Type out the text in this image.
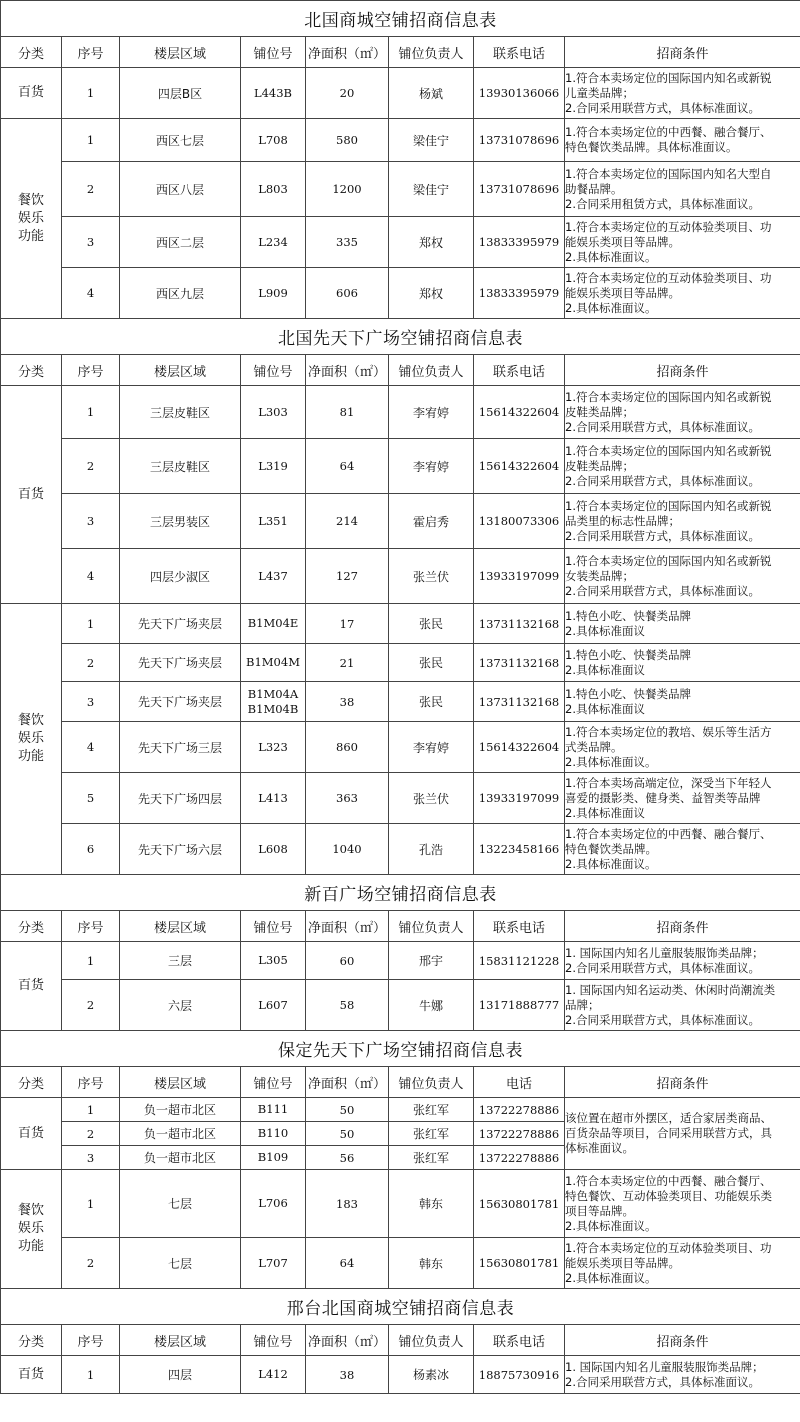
北国商城空铺招商信息表							
分类	序号	楼层区域	铺位号	净面积（㎡）	铺位负责人	联系电话	招商条件

百货	1	四层B区	L443B	20	杨斌	13930136066	1.符合本卖场定位的国际国内知名或新锐
儿童类品牌；
2.合同采用联营方式，具体标准面议。

餐饮
娱乐
功能	1	西区七层	L708	580	梁佳宁	13731078696	1.符合本卖场定位的中西餐、融合餐厅、
特色餐饮类品牌。具体标准面议。

	2	西区八层	L803	1200	梁佳宁	13731078696	1.符合本卖场定位的国际国内知名大型自
助餐品牌。
2.合同采用租赁方式，具体标准面议。

	3	西区二层	L234	335	郑权	13833395979	1.符合本卖场定位的互动体验类项目、功
能娱乐类项目等品牌。
2.具体标准面议。

	4	西区九层	L909	606	郑权	13833395979	1.符合本卖场定位的互动体验类项目、功
能娱乐类项目等品牌。
2.具体标准面议。

北国先天下广场空铺招商信息表							
分类	序号	楼层区域	铺位号	净面积（㎡）	铺位负责人	联系电话	招商条件

百货	1	三层皮鞋区	L303	81	李宥婷	15614322604	1.符合本卖场定位的国际国内知名或新锐
皮鞋类品牌；
2.合同采用联营方式，具体标准面议。

	2	三层皮鞋区	L319	64	李宥婷	15614322604	1.符合本卖场定位的国际国内知名或新锐
皮鞋类品牌；
2.合同采用联营方式，具体标准面议。

	3	三层男装区	L351	214	霍启秀	13180073306	1.符合本卖场定位的国际国内知名或新锐
品类里的标志性品牌；
2.合同采用联营方式，具体标准面议。

	4	四层少淑区	L437	127	张兰伏	13933197099	1.符合本卖场定位的国际国内知名或新锐
女装类品牌；
2.合同采用联营方式，具体标准面议。

餐饮
娱乐
功能	1	先天下广场夹层	B1M04E	17	张民	13731132168	1.特色小吃、快餐类品牌
2.具体标准面议

	2	先天下广场夹层	B1M04M	21	张民	13731132168	1.特色小吃、快餐类品牌
2.具体标准面议

	3	先天下广场夹层	B1M04A
B1M04B	38	张民	13731132168	1.特色小吃、快餐类品牌
2.具体标准面议

	4	先天下广场三层	L323	860	李宥婷	15614322604	1.符合本卖场定位的教培、娱乐等生活方
式类品牌。
2.具体标准面议。

	5	先天下广场四层	L413	363	张兰伏	13933197099	1.符合本卖场高端定位，深受当下年轻人
喜爱的摄影类、健身类、益智类等品牌
2.具体标准面议

	6	先天下广场六层	L608	1040	孔浩	13223458166	1.符合本卖场定位的中西餐、融合餐厅、
特色餐饮类品牌。
2.具体标准面议。

新百广场空铺招商信息表							
分类	序号	楼层区域	铺位号	净面积（㎡）	铺位负责人	联系电话	招商条件

百货	1	三层	L305	60	邢宇	15831121228	1. 国际国内知名儿童服装服饰类品牌；
2.合同采用联营方式，具体标准面议。

	2	六层	L607	58	牛娜	13171888777	1. 国际国内知名运动类、休闲时尚潮流类
品牌；
2.合同采用联营方式，具体标准面议。

保定先天下广场空铺招商信息表							
分类	序号	楼层区域	铺位号	净面积（㎡）	铺位负责人	电话	招商条件

百货	1	负一超市北区	B111	50	张红军	13722278886	该位置在超市外摆区，适合家居类商品、
百货杂品等项目，合同采用联营方式，具
体标准面议。

	2	负一超市北区	B110	50	张红军	13722278886	
	3	负一超市北区	B109	56	张红军	13722278886	

餐饮
娱乐
功能	1	七层	L706	183	韩东	15630801781	1.符合本卖场定位的中西餐、融合餐厅、
特色餐饮、互动体验类项目、功能娱乐类
项目等品牌。
2.具体标准面议。

	2	七层	L707	64	韩东	15630801781	1.符合本卖场定位的互动体验类项目、功
能娱乐类项目等品牌。
2.具体标准面议。

邢台北国商城空铺招商信息表							
分类	序号	楼层区域	铺位号	净面积（㎡）	铺位负责人	联系电话	招商条件

百货	1	四层	L412	38	杨素冰	18875730916	1. 国际国内知名儿童服装服饰类品牌；
2.合同采用联营方式，具体标准面议。
